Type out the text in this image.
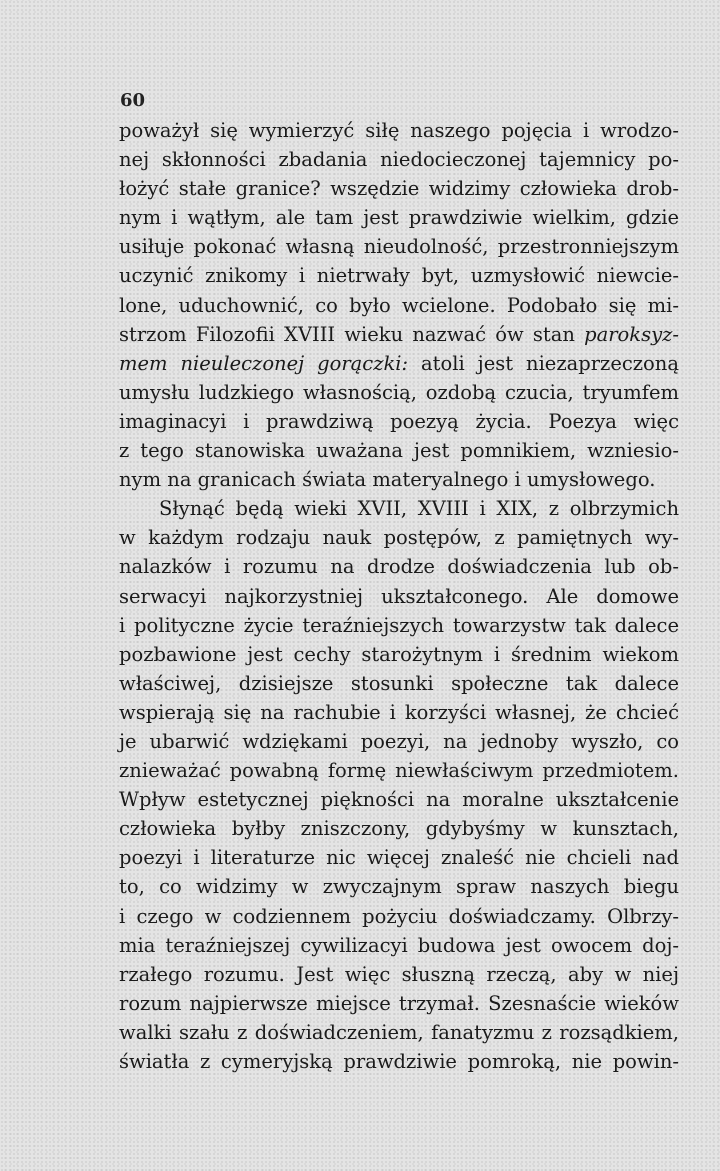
60
poważył się wymierzyć siłę naszego pojęcia i wrodzo-
nej skłonności zbadania niedocieczonej tajemnicy po-
łożyć stałe granice? wszędzie widzimy człowieka drob-
nym i wątłym, ale tam jest prawdziwie wielkim, gdzie
usiłuje pokonać własną nieudolność, przestronniejszym
uczynić znikomy i nietrwały byt, uzmysłowić niewcie-
lone, uduchownić, co było wcielone. Podobało się mi-
strzom Filozofii XVIII wieku nazwać ów stan paroksyz-
mem nieuleczonej gorączki: atoli jest niezaprzeczoną
umysłu ludzkiego własnością, ozdobą czucia, tryumfem
imaginacyi i prawdziwą poezyą życia. Poezya więc
z tego stanowiska uważana jest pomnikiem, wzniesio-
nym na granicach świata materyalnego i umysłowego.
Słynąć będą wieki XVII, XVIII i XIX, z olbrzymich
w każdym rodzaju nauk postępów, z pamiętnych wy-
nalazków i rozumu na drodze doświadczenia lub ob-
serwacyi najkorzystniej ukształconego. Ale domowe
i polityczne życie teraźniejszych towarzystw tak dalece
pozbawione jest cechy starożytnym i średnim wiekom
właściwej, dzisiejsze stosunki społeczne tak dalece
wspierają się na rachubie i korzyści własnej, że chcieć
je ubarwić wdziękami poezyi, na jednoby wyszło, co
znieważać powabną formę niewłaściwym przedmiotem.
Wpływ estetycznej piękności na moralne ukształcenie
człowieka byłby zniszczony, gdybyśmy w kunsztach,
poezyi i literaturze nic więcej znaleść nie chcieli nad
to, co widzimy w zwyczajnym spraw naszych biegu
i czego w codziennem pożyciu doświadczamy. Olbrzy-
mia teraźniejszej cywilizacyi budowa jest owocem doj-
rzałego rozumu. Jest więc słuszną rzeczą, aby w niej
rozum najpierwsze miejsce trzymał. Szesnaście wieków
walki szału z doświadczeniem, fanatyzmu z rozsądkiem,
światła z cymeryjską prawdziwie pomroką, nie powin-
